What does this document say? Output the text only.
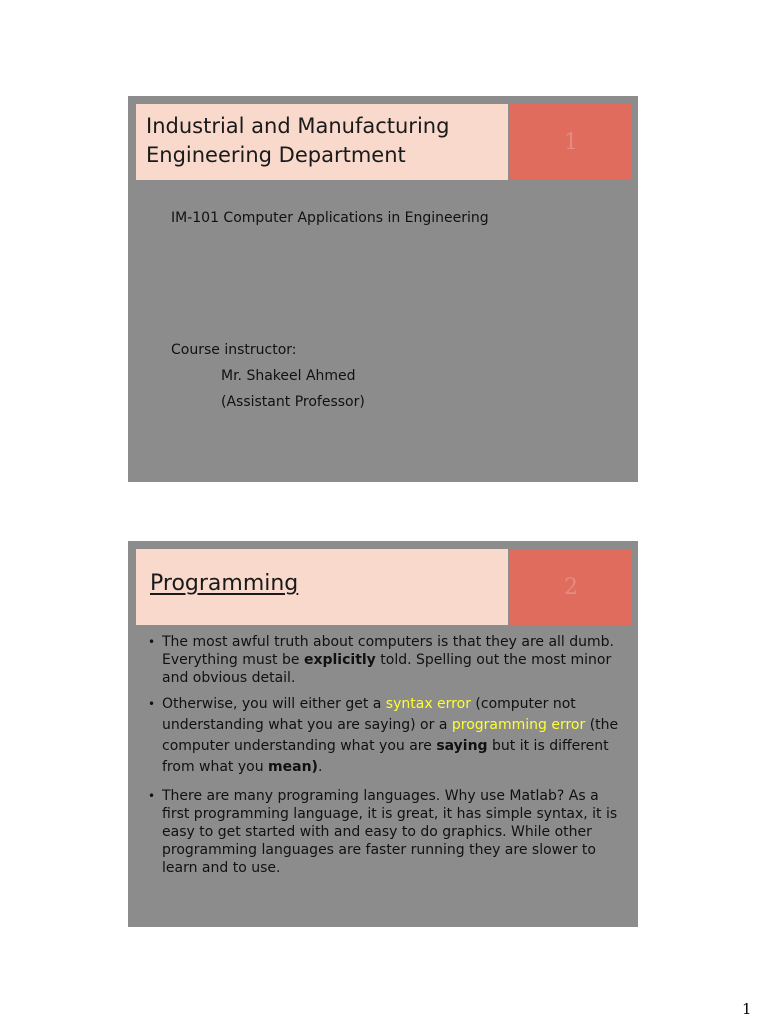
Industrial and Manufacturing
Engineering Department
1
IM-101 Computer Applications in Engineering
Course instructor:
Mr. Shakeel Ahmed
(Assistant Professor)
Programming	2
• The most awful truth about computers is that they are all dumb. Everything must be explicitly told. Spelling out the most minor and obvious detail.
• Otherwise, you will either get a syntax error (computer not understanding what you are saying) or a programming error (the computer understanding what you are saying but it is different from what you mean).
• There are many programing languages. Why use Matlab? As a first programming language, it is great, it has simple syntax, it is easy to get started with and easy to do graphics. While other programming languages are faster running they are slower to learn and to use.
1
